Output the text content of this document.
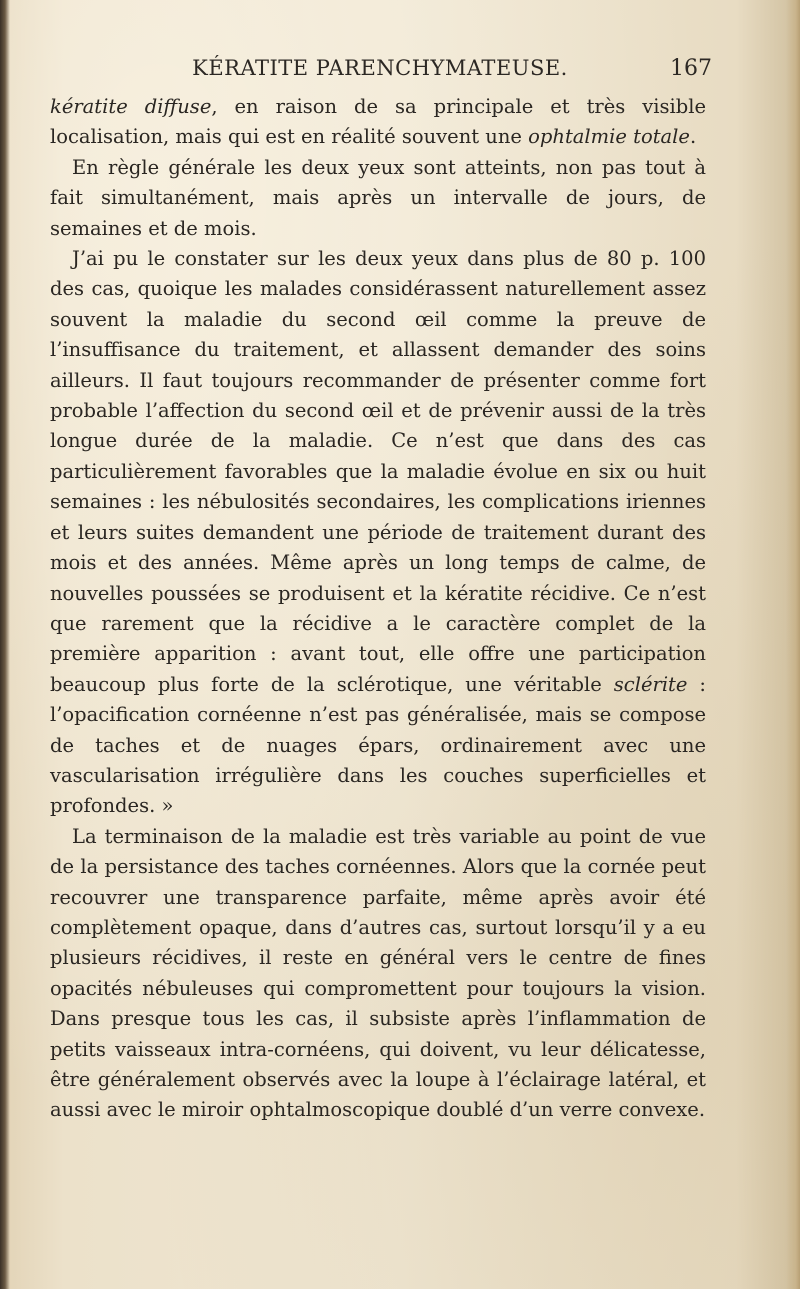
KÉRATITE PARENCHYMATEUSE.	167

kératite diffuse, en raison de sa principale et très visible localisation, mais qui est en réalité souvent une ophtalmie totale.

En règle générale les deux yeux sont atteints, non pas tout à fait simultanément, mais après un intervalle de jours, de semaines et de mois.

J’ai pu le constater sur les deux yeux dans plus de 80 p. 100 des cas, quoique les malades considérassent naturellement assez souvent la maladie du second œil comme la preuve de l’insuffisance du traitement, et allassent demander des soins ailleurs. Il faut toujours recommander de présenter comme fort probable l’affection du second œil et de prévenir aussi de la très longue durée de la maladie. Ce n’est que dans des cas particulièrement favorables que la maladie évolue en six ou huit semaines : les nébulosités secondaires, les complications iriennes et leurs suites demandent une période de traitement durant des mois et des années. Même après un long temps de calme, de nouvelles poussées se produisent et la kératite récidive. Ce n’est que rarement que la récidive a le caractère complet de la première apparition : avant tout, elle offre une participation beaucoup plus forte de la sclérotique, une véritable sclérite : l’opacification cornéenne n’est pas généralisée, mais se compose de taches et de nuages épars, ordinairement avec une vascularisation irrégulière dans les couches superficielles et profondes. »

La terminaison de la maladie est très variable au point de vue de la persistance des taches cornéennes. Alors que la cornée peut recouvrer une transparence parfaite, même après avoir été complètement opaque, dans d’autres cas, surtout lorsqu’il y a eu plusieurs récidives, il reste en général vers le centre de fines opacités nébuleuses qui compromettent pour toujours la vision. Dans presque tous les cas, il subsiste après l’inflammation de petits vaisseaux intra-cornéens, qui doivent, vu leur délicatesse, être généralement observés avec la loupe à l’éclairage latéral, et aussi avec le miroir ophtalmoscopique doublé d’un verre convexe.
